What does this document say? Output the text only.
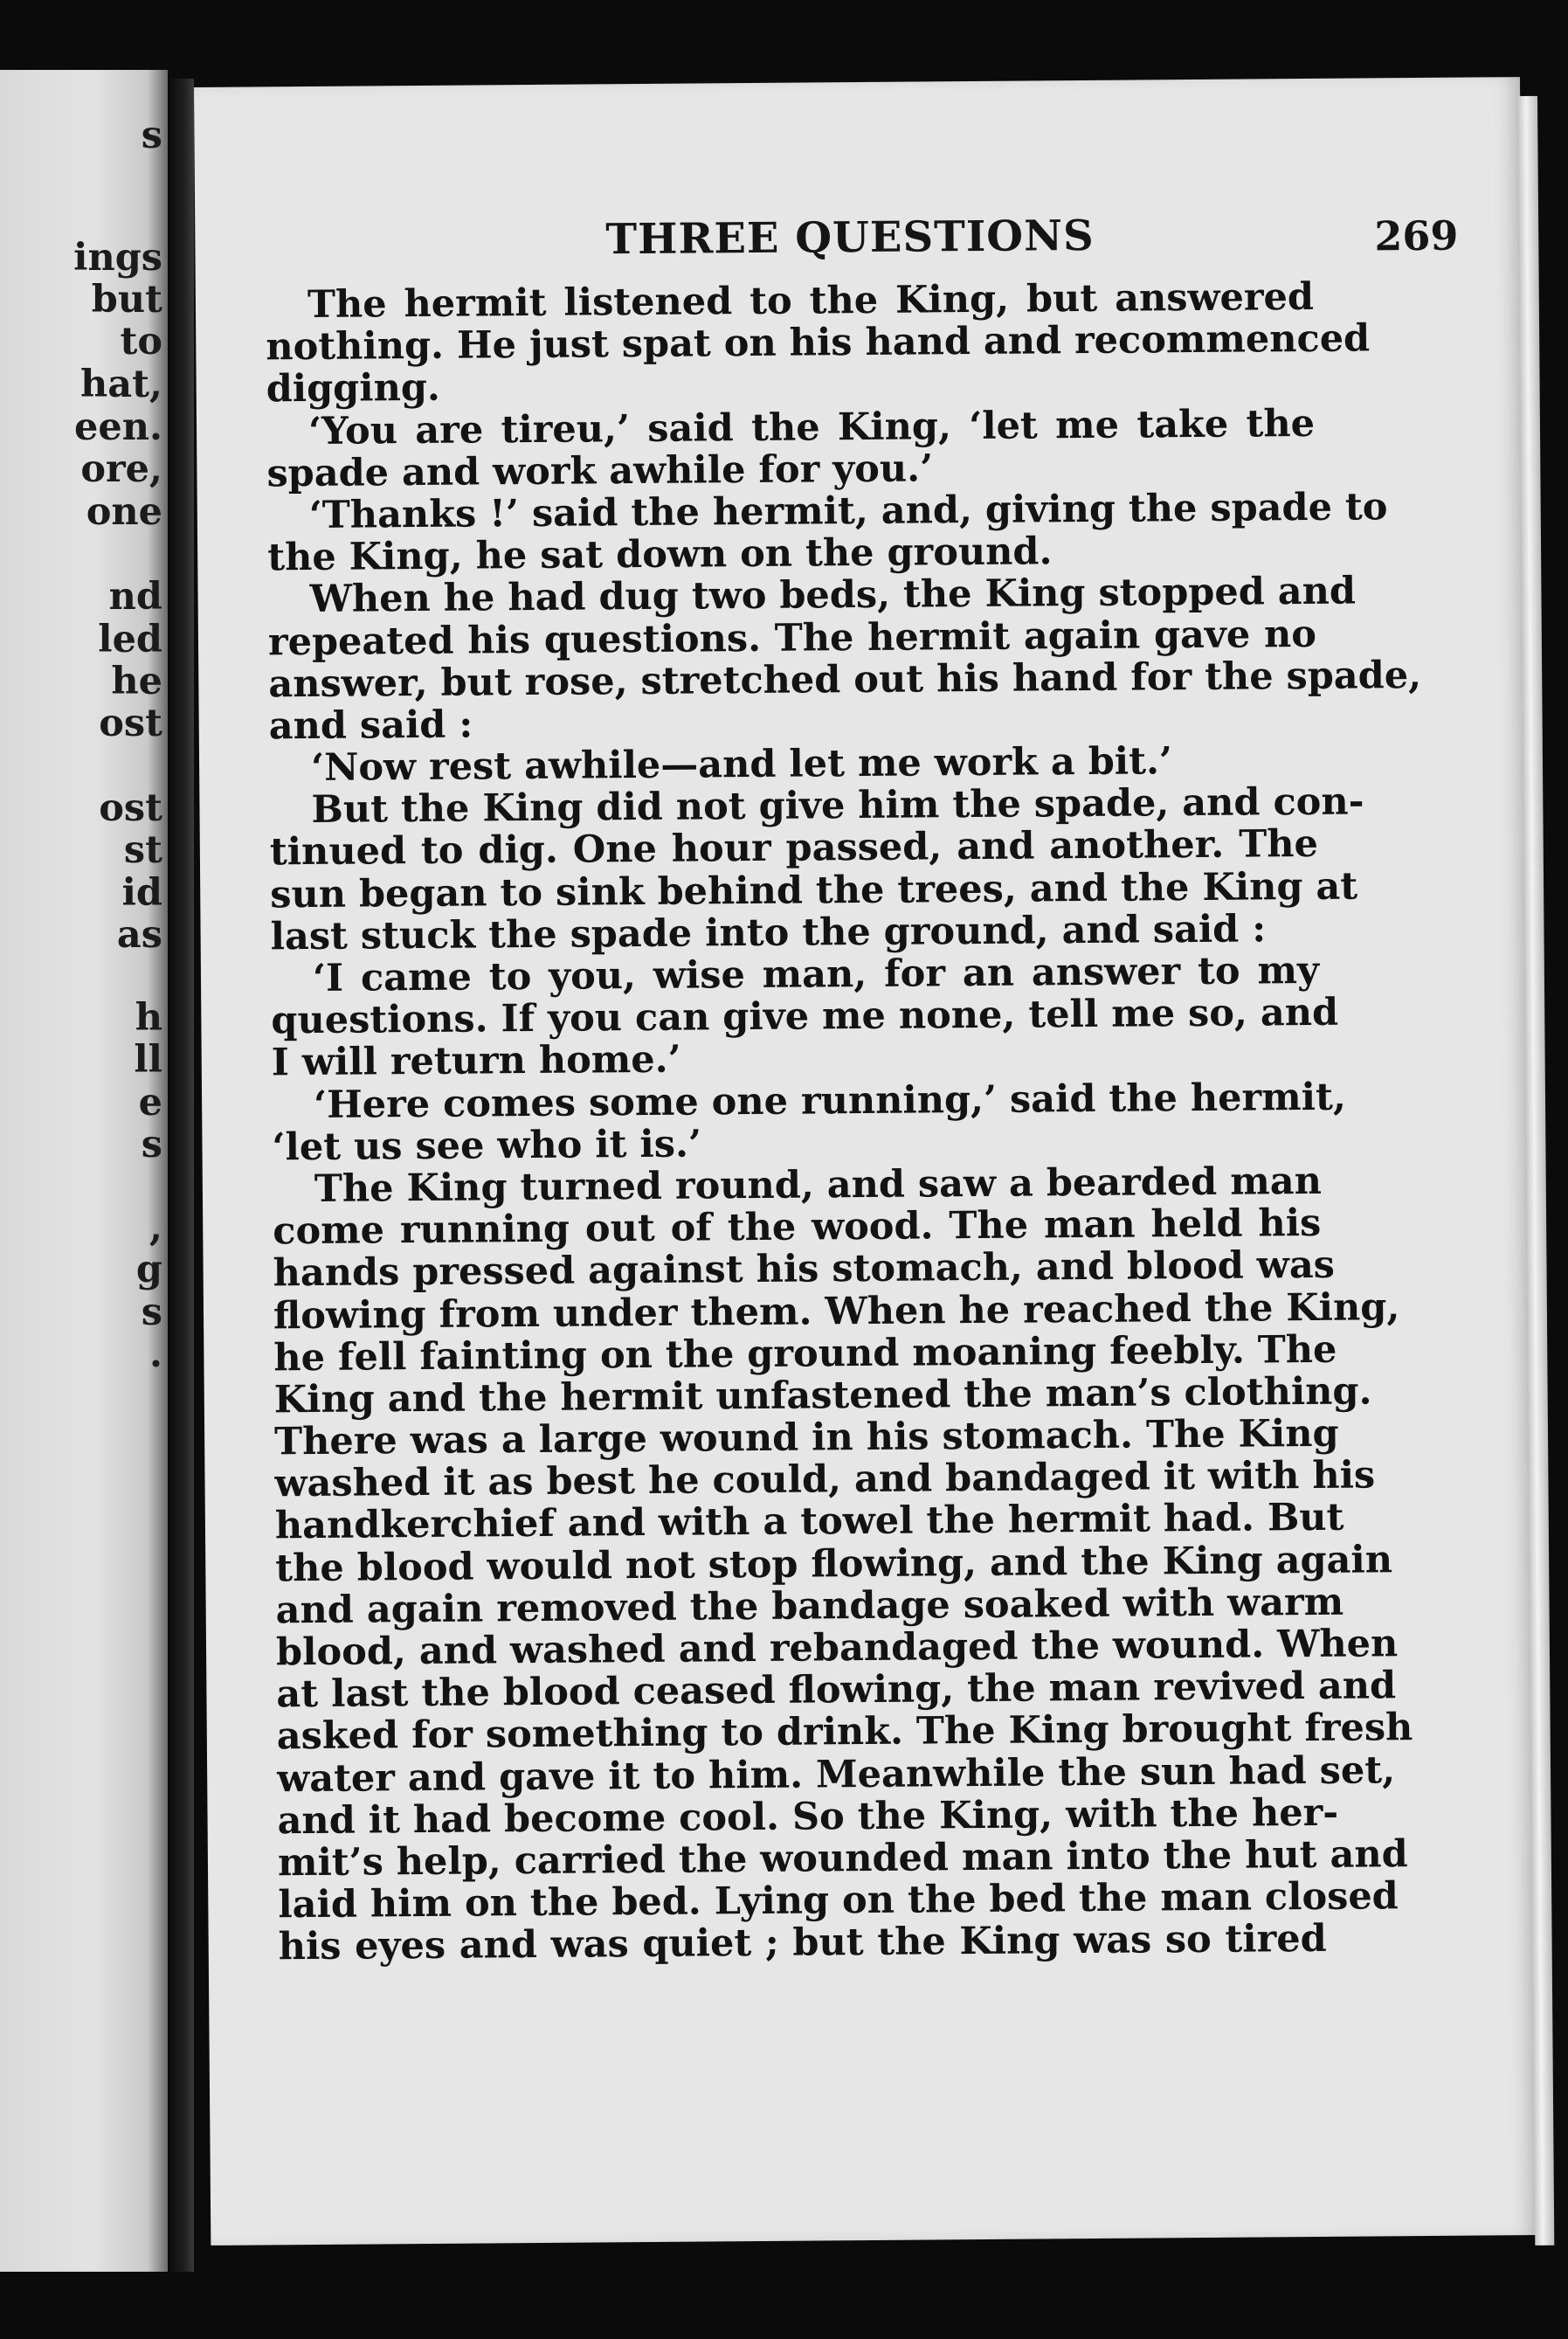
s
ings
but
to
hat,
een.
ore,
one
nd
led
he
ost
ost
st
id
as
h
ll
e
s
,
g
s
.
THREE QUESTIONS	269
The hermit listened to the King, but answered
nothing. He just spat on his hand and recommenced
digging.
‘You are tireu,’ said the King, ‘let me take the
spade and work awhile for you.’
‘Thanks !’ said the hermit, and, giving the spade to
the King, he sat down on the ground.
When he had dug two beds, the King stopped and
repeated his questions. The hermit again gave no
answer, but rose, stretched out his hand for the spade,
and said :
‘Now rest awhile—and let me work a bit.’
But the King did not give him the spade, and con-
tinued to dig. One hour passed, and another. The
sun began to sink behind the trees, and the King at
last stuck the spade into the ground, and said :
‘I came to you, wise man, for an answer to my
questions. If you can give me none, tell me so, and
I will return home.’
‘Here comes some one running,’ said the hermit,
‘let us see who it is.’
The King turned round, and saw a bearded man
come running out of the wood. The man held his
hands pressed against his stomach, and blood was
flowing from under them. When he reached the King,
he fell fainting on the ground moaning feebly. The
King and the hermit unfastened the man’s clothing.
There was a large wound in his stomach. The King
washed it as best he could, and bandaged it with his
handkerchief and with a towel the hermit had. But
the blood would not stop flowing, and the King again
and again removed the bandage soaked with warm
blood, and washed and rebandaged the wound. When
at last the blood ceased flowing, the man revived and
asked for something to drink. The King brought fresh
water and gave it to him. Meanwhile the sun had set,
and it had become cool. So the King, with the her-
mit’s help, carried the wounded man into the hut and
laid him on the bed. Lying on the bed the man closed
his eyes and was quiet ; but the King was so tired
